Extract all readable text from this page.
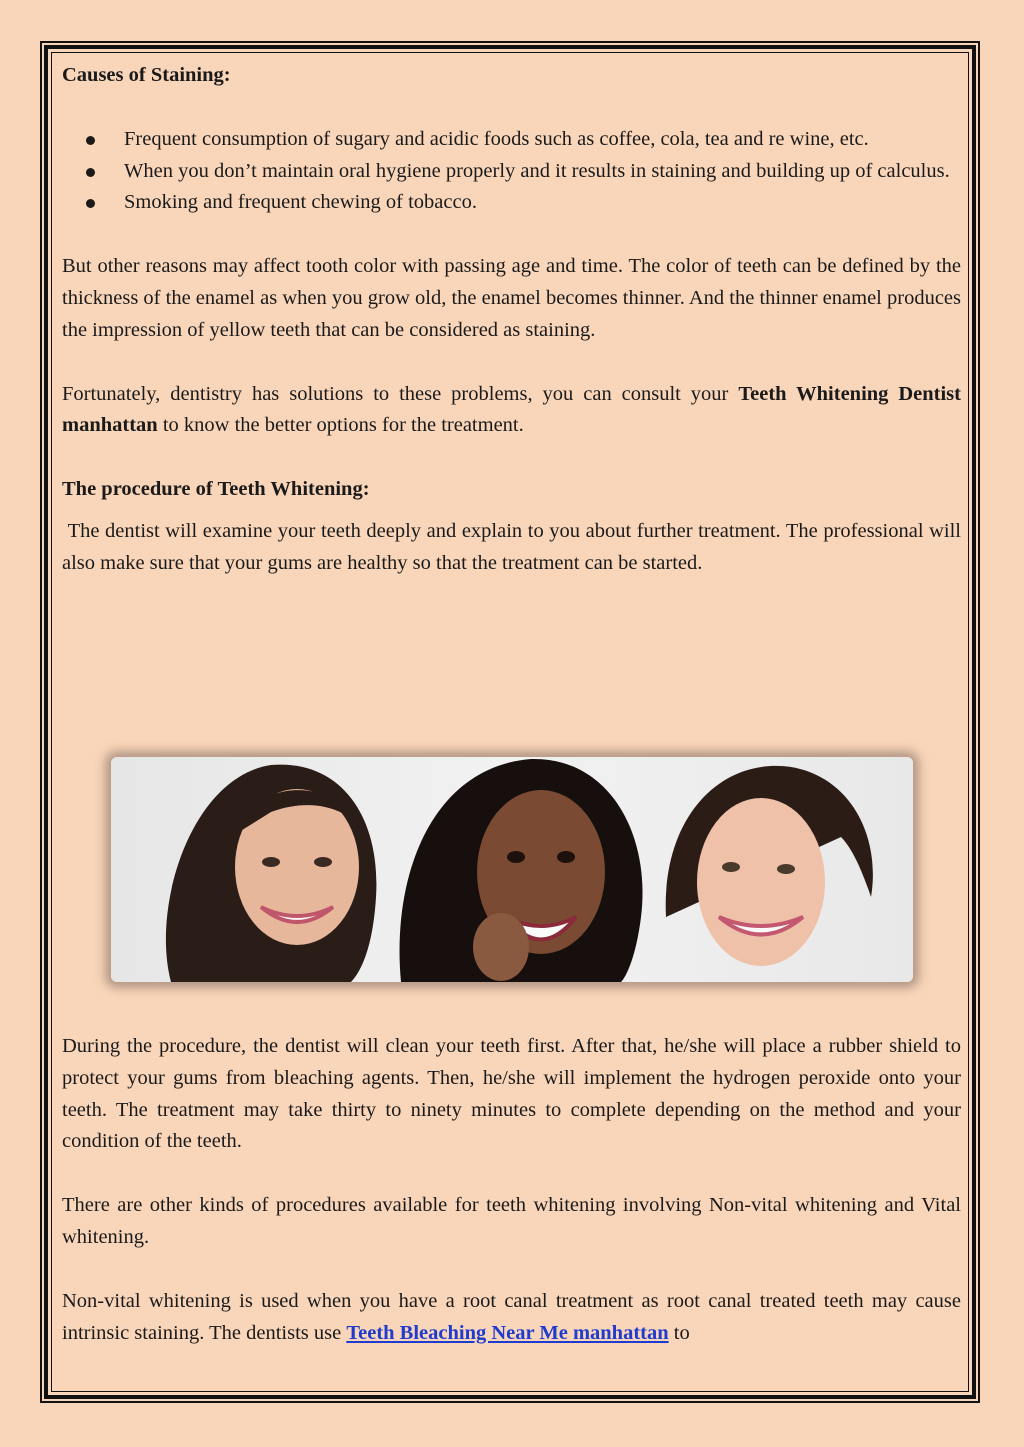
Causes of Staining:

Frequent consumption of sugary and acidic foods such as coffee, cola, tea and re wine, etc.
When you don’t maintain oral hygiene properly and it results in staining and building up of calculus.
Smoking and frequent chewing of tobacco.

But other reasons may affect tooth color with passing age and time. The color of teeth can be defined by the thickness of the enamel as when you grow old, the enamel becomes thinner. And the thinner enamel produces the impression of yellow teeth that can be considered as staining.

Fortunately, dentistry has solutions to these problems, you can consult your Teeth Whitening Dentist manhattan to know the better options for the treatment.

The procedure of Teeth Whitening:

The dentist will examine your teeth deeply and explain to you about further treatment. The professional will also make sure that your gums are healthy so that the treatment can be started.

During the procedure, the dentist will clean your teeth first. After that, he/she will place a rubber shield to protect your gums from bleaching agents. Then, he/she will implement the hydrogen peroxide onto your teeth. The treatment may take thirty to ninety minutes to complete depending on the method and your condition of the teeth.

There are other kinds of procedures available for teeth whitening involving Non-vital whitening and Vital whitening.

Non-vital whitening is used when you have a root canal treatment as root canal treated teeth may cause intrinsic staining. The dentists use Teeth Bleaching Near Me manhattan to
